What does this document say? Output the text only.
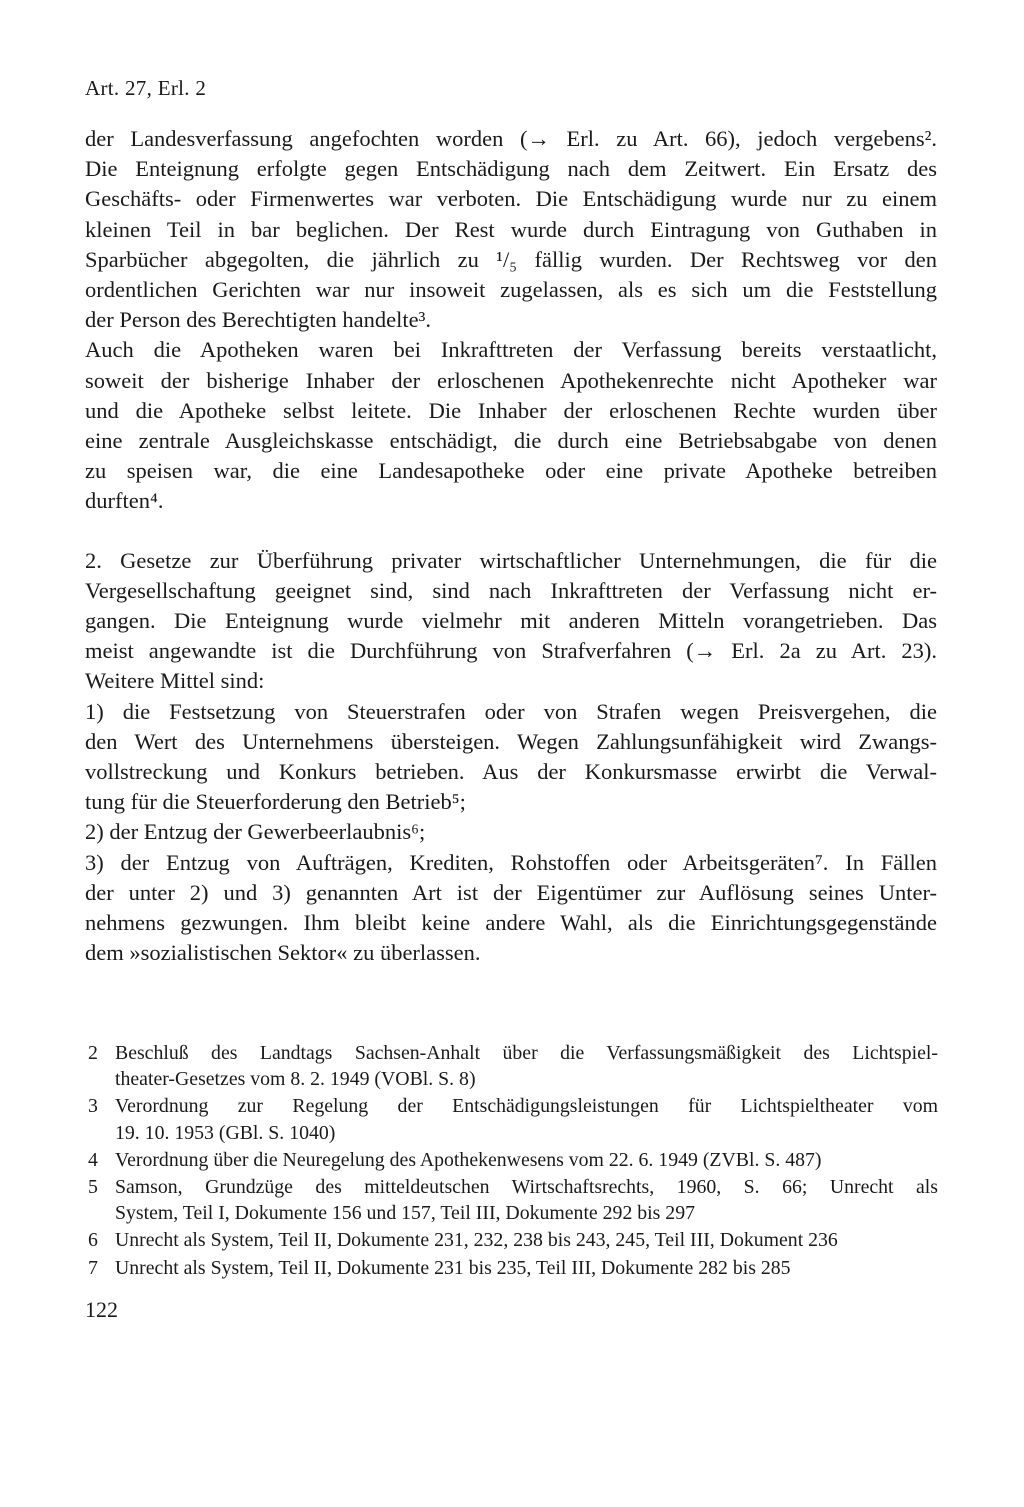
Art. 27, Erl. 2

der Landesverfassung angefochten worden (→ Erl. zu Art. 66), jedoch vergebens².

Die Enteignung erfolgte gegen Entschädigung nach dem Zeitwert. Ein Ersatz des

Geschäfts- oder Firmenwertes war verboten. Die Entschädigung wurde nur zu einem

kleinen Teil in bar beglichen. Der Rest wurde durch Eintragung von Guthaben in

Sparbücher abgegolten, die jährlich zu ¹/₅ fällig wurden. Der Rechtsweg vor den

ordentlichen Gerichten war nur insoweit zugelassen, als es sich um die Feststellung

der Person des Berechtigten handelte³.

Auch die Apotheken waren bei Inkrafttreten der Verfassung bereits verstaatlicht,

soweit der bisherige Inhaber der erloschenen Apothekenrechte nicht Apotheker war

und die Apotheke selbst leitete. Die Inhaber der erloschenen Rechte wurden über

eine zentrale Ausgleichskasse entschädigt, die durch eine Betriebsabgabe von denen

zu speisen war, die eine Landesapotheke oder eine private Apotheke betreiben

durften⁴.

2. Gesetze zur Überführung privater wirtschaftlicher Unternehmungen, die für die

Vergesellschaftung geeignet sind, sind nach Inkrafttreten der Verfassung nicht er-

gangen. Die Enteignung wurde vielmehr mit anderen Mitteln vorangetrieben. Das

meist angewandte ist die Durchführung von Strafverfahren (→ Erl. 2a zu Art. 23).

Weitere Mittel sind:

1) die Festsetzung von Steuerstrafen oder von Strafen wegen Preisvergehen, die

den Wert des Unternehmens übersteigen. Wegen Zahlungsunfähigkeit wird Zwangs-

vollstreckung und Konkurs betrieben. Aus der Konkursmasse erwirbt die Verwal-

tung für die Steuerforderung den Betrieb⁵;

2) der Entzug der Gewerbeerlaubnis⁶;

3) der Entzug von Aufträgen, Krediten, Rohstoffen oder Arbeitsgeräten⁷. In Fällen

der unter 2) und 3) genannten Art ist der Eigentümer zur Auflösung seines Unter-

nehmens gezwungen. Ihm bleibt keine andere Wahl, als die Einrichtungsgegenstände

dem »sozialistischen Sektor« zu überlassen.

2 Beschluß des Landtags Sachsen-Anhalt über die Verfassungsmäßigkeit des Lichtspiel-
theater-Gesetzes vom 8. 2. 1949 (VOBl. S. 8)
3 Verordnung zur Regelung der Entschädigungsleistungen für Lichtspieltheater vom
19. 10. 1953 (GBl. S. 1040)
4 Verordnung über die Neuregelung des Apothekenwesens vom 22. 6. 1949 (ZVBl. S. 487)
5 Samson, Grundzüge des mitteldeutschen Wirtschaftsrechts, 1960, S. 66; Unrecht als
System, Teil I, Dokumente 156 und 157, Teil III, Dokumente 292 bis 297
6 Unrecht als System, Teil II, Dokumente 231, 232, 238 bis 243, 245, Teil III, Dokument 236
7 Unrecht als System, Teil II, Dokumente 231 bis 235, Teil III, Dokumente 282 bis 285
122
